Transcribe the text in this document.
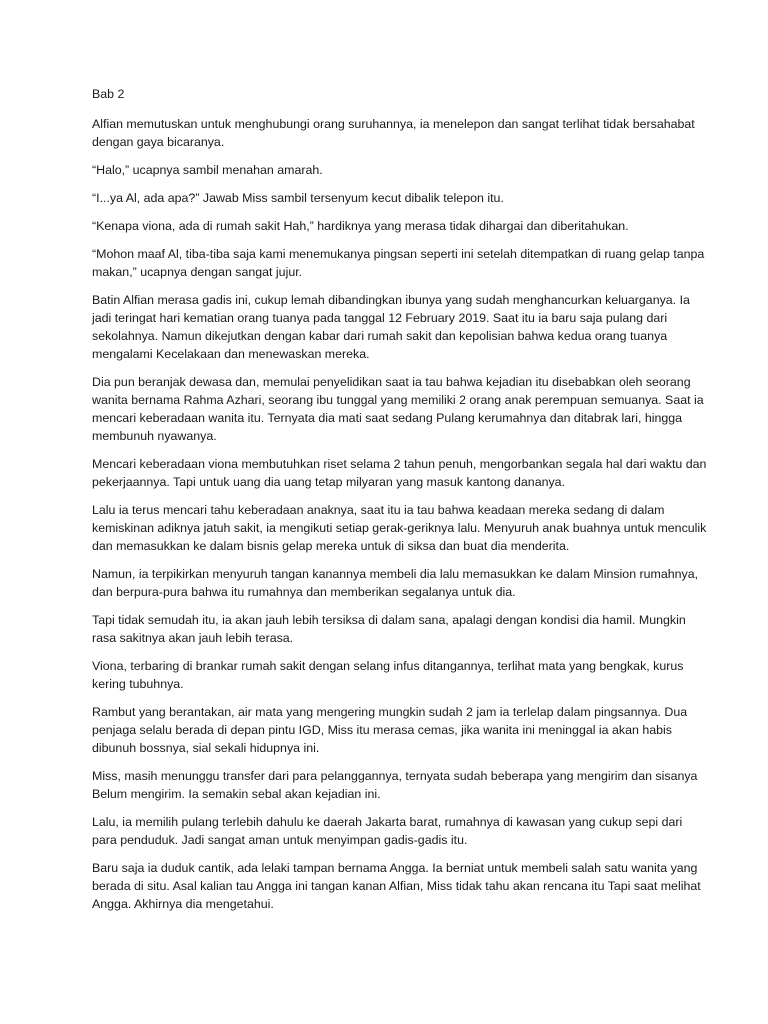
Bab 2

Alfian memutuskan untuk menghubungi orang suruhannya, ia menelepon dan sangat terlihat tidak bersahabat dengan gaya bicaranya.

“Halo,” ucapnya sambil menahan amarah.

“I...ya Al, ada apa?” Jawab Miss sambil tersenyum kecut dibalik telepon itu.

“Kenapa viona, ada di rumah sakit Hah,” hardiknya yang merasa tidak dihargai dan diberitahukan.

“Mohon maaf Al, tiba-tiba saja kami menemukanya pingsan seperti ini setelah ditempatkan di ruang gelap tanpa makan,” ucapnya dengan sangat jujur.

Batin Alfian merasa gadis ini, cukup lemah dibandingkan ibunya yang sudah menghancurkan keluarganya. Ia jadi teringat hari kematian orang tuanya pada tanggal 12 February 2019. Saat itu ia baru saja pulang dari sekolahnya. Namun dikejutkan dengan kabar dari rumah sakit dan kepolisian bahwa kedua orang tuanya mengalami Kecelakaan dan menewaskan mereka.

Dia pun beranjak dewasa dan, memulai penyelidikan saat ia tau bahwa kejadian itu disebabkan oleh seorang wanita bernama Rahma Azhari, seorang ibu tunggal yang memiliki 2 orang anak perempuan semuanya. Saat ia mencari keberadaan wanita itu. Ternyata dia mati saat sedang Pulang kerumahnya dan ditabrak lari, hingga membunuh nyawanya.

Mencari keberadaan viona membutuhkan riset selama 2 tahun penuh, mengorbankan segala hal dari waktu dan pekerjaannya. Tapi untuk uang dia uang tetap milyaran yang masuk kantong dananya.

Lalu ia terus mencari tahu keberadaan anaknya, saat itu ia tau bahwa keadaan mereka sedang di dalam kemiskinan adiknya jatuh sakit, ia mengikuti setiap gerak-geriknya lalu. Menyuruh anak buahnya untuk menculik dan memasukkan ke dalam bisnis gelap mereka untuk di siksa dan buat dia menderita.

Namun, ia terpikirkan menyuruh tangan kanannya membeli dia lalu memasukkan ke dalam Minsion rumahnya, dan berpura-pura bahwa itu rumahnya dan memberikan segalanya untuk dia.

Tapi tidak semudah itu, ia akan jauh lebih tersiksa di dalam sana, apalagi dengan kondisi dia hamil. Mungkin rasa sakitnya akan jauh lebih terasa.

Viona, terbaring di brankar rumah sakit dengan selang infus ditangannya, terlihat mata yang bengkak, kurus kering tubuhnya.

Rambut yang berantakan, air mata yang mengering mungkin sudah 2 jam ia terlelap dalam pingsannya. Dua penjaga selalu berada di depan pintu IGD, Miss itu merasa cemas, jika wanita ini meninggal ia akan habis dibunuh bossnya, sial sekali hidupnya ini.

Miss, masih menunggu transfer dari para pelanggannya, ternyata sudah beberapa yang mengirim dan sisanya Belum mengirim. Ia semakin sebal akan kejadian ini.

Lalu, ia memilih pulang terlebih dahulu ke daerah Jakarta barat, rumahnya di kawasan yang cukup sepi dari para penduduk. Jadi sangat aman untuk menyimpan gadis-gadis itu.

Baru saja ia duduk cantik, ada lelaki tampan bernama Angga. Ia berniat untuk membeli salah satu wanita yang berada di situ. Asal kalian tau Angga ini tangan kanan Alfian, Miss tidak tahu akan rencana itu Tapi saat melihat Angga. Akhirnya dia mengetahui.
